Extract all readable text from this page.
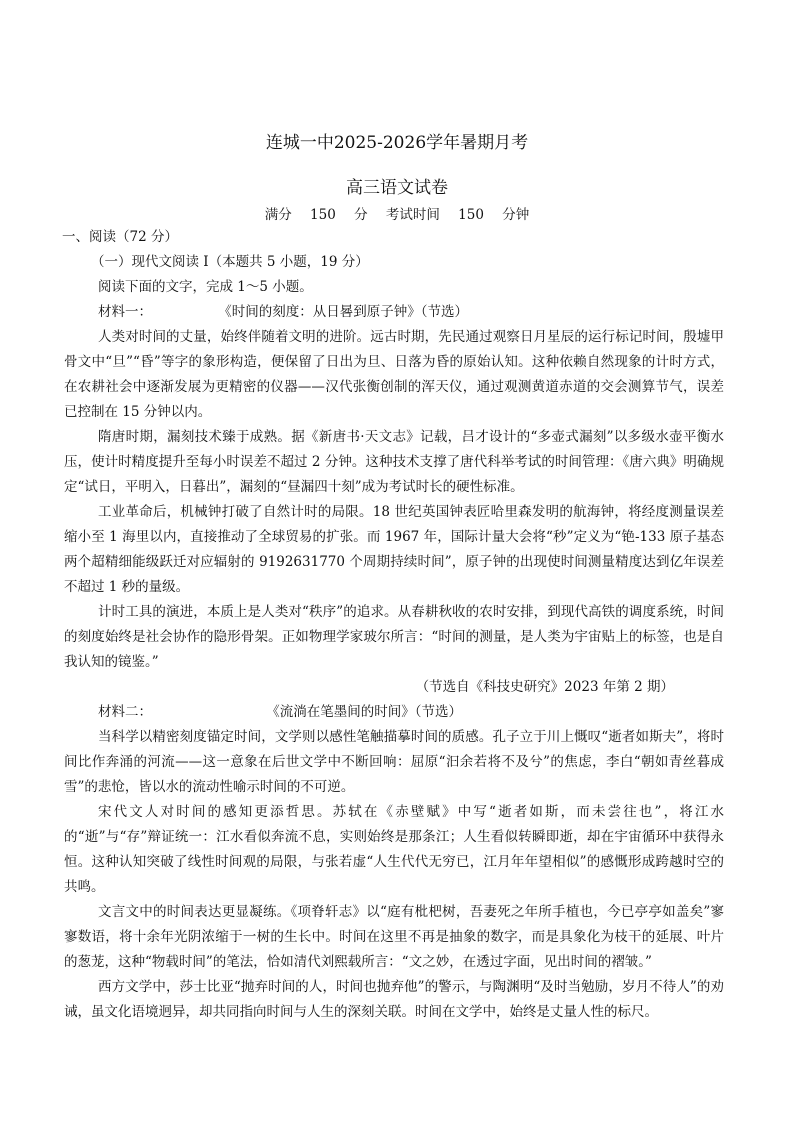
连城一中2025-2026学年暑期月考
高三语文试卷
满分 150 分 考试时间 150 分钟
一、阅读（72 分）
（一）现代文阅读 I（本题共 5 小题，19 分）
阅读下面的文字，完成 1～5 小题。
材料一：	《时间的刻度：从日晷到原子钟》（节选）
人类对时间的丈量，始终伴随着文明的进阶。远古时期，先民通过观察日月星辰的运行标记时间，殷墟甲骨文中“旦”“昏”等字的象形构造，便保留了日出为旦、日落为昏的原始认知。这种依赖自然现象的计时方式，在农耕社会中逐渐发展为更精密的仪器——汉代张衡创制的浑天仪，通过观测黄道赤道的交会测算节气，误差已控制在 15 分钟以内。
隋唐时期，漏刻技术臻于成熟。据《新唐书·天文志》记载，吕才设计的“多壶式漏刻”以多级水壶平衡水压，使计时精度提升至每小时误差不超过 2 分钟。这种技术支撑了唐代科举考试的时间管理：《唐六典》明确规定“试日，平明入，日暮出”，漏刻的“昼漏四十刻”成为考试时长的硬性标准。
工业革命后，机械钟打破了自然计时的局限。18 世纪英国钟表匠哈里森发明的航海钟，将经度测量误差缩小至 1 海里以内，直接推动了全球贸易的扩张。而 1967 年，国际计量大会将“秒”定义为“铯-133 原子基态两个超精细能级跃迁对应辐射的 9192631770 个周期持续时间”，原子钟的出现使时间测量精度达到亿年误差不超过 1 秒的量级。
计时工具的演进，本质上是人类对“秩序”的追求。从春耕秋收的农时安排，到现代高铁的调度系统，时间的刻度始终是社会协作的隐形骨架。正如物理学家玻尔所言：“时间的测量，是人类为宇宙贴上的标签，也是自我认知的镜鉴。”
（节选自《科技史研究》2023 年第 2 期）
材料二：	《流淌在笔墨间的时间》（节选）
当科学以精密刻度锚定时间，文学则以感性笔触描摹时间的质感。孔子立于川上慨叹“逝者如斯夫”，将时间比作奔涌的河流——这一意象在后世文学中不断回响：屈原“汩余若将不及兮”的焦虑，李白“朝如青丝暮成雪”的悲怆，皆以水的流动性喻示时间的不可逆。
宋代文人对时间的感知更添哲思。苏轼在《赤壁赋》中写“逝者如斯，而未尝往也”，将江水的“逝”与“存”辩证统一：江水看似奔流不息，实则始终是那条江；人生看似转瞬即逝，却在宇宙循环中获得永恒。这种认知突破了线性时间观的局限，与张若虚“人生代代无穷已，江月年年望相似”的感慨形成跨越时空的共鸣。
文言文中的时间表达更显凝练。《项脊轩志》以“庭有枇杷树，吾妻死之年所手植也，今已亭亭如盖矣”寥寥数语，将十余年光阴浓缩于一树的生长中。时间在这里不再是抽象的数字，而是具象化为枝干的延展、叶片的葱茏，这种“物载时间”的笔法，恰如清代刘熙载所言：“文之妙，在透过字面，见出时间的褶皱。”
西方文学中，莎士比亚“抛弃时间的人，时间也抛弃他”的警示，与陶渊明“及时当勉励，岁月不待人”的劝诫，虽文化语境迥异，却共同指向时间与人生的深刻关联。时间在文学中，始终是丈量人性的标尺。
